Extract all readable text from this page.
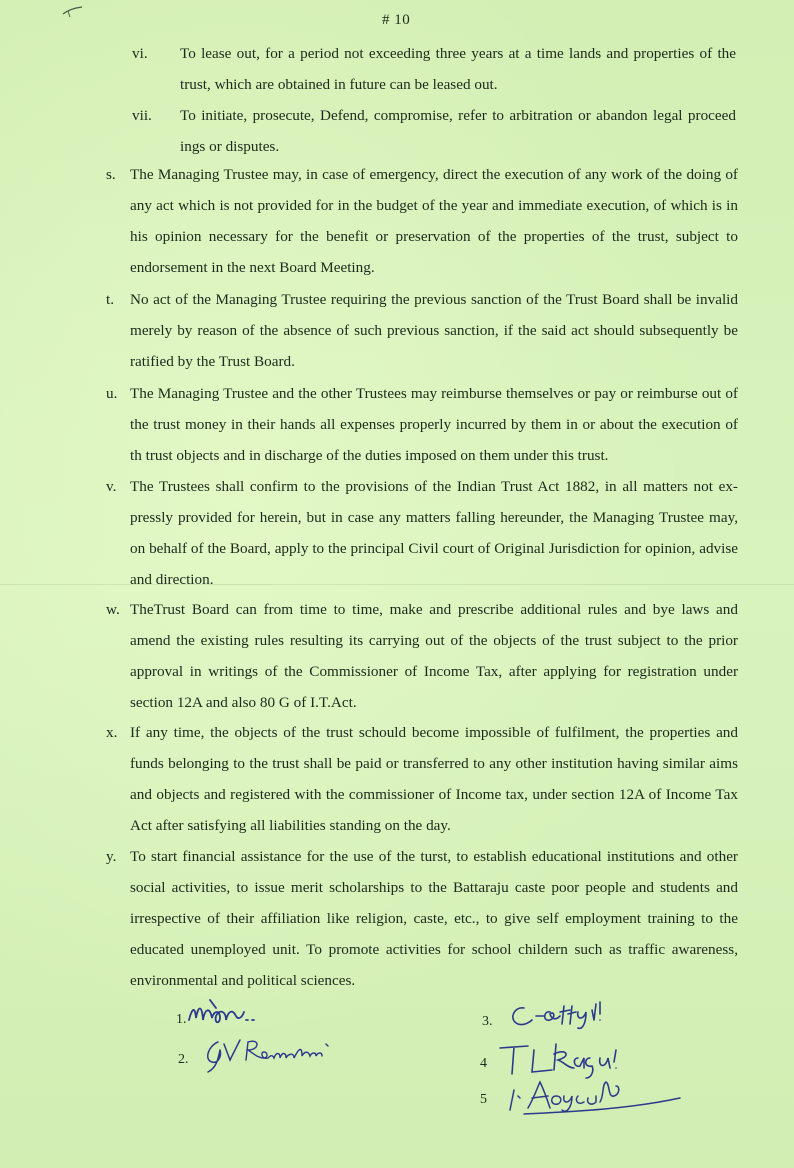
# 10
vi. To lease out, for a period not exceeding three years at a time lands and properties of the trust, which are obtained in future can be leased out.
vii. To initiate, prosecute, Defend, compromise, refer to arbitration or abandon legal proceed ings or disputes.
s. The Managing Trustee may, in case of emergency, direct the execution of any work of the doing of any act which is not provided for in the budget of the year and immediate execution, of which is in his opinion necessary for the benefit or preservation of the properties of the trust, subject to endorsement in the next Board Meeting.
t. No act of the Managing Trustee requiring the previous sanction of the Trust Board shall be invalid merely by reason of the absence of such previous sanction, if the said act should subsequently be ratified by the Trust Board.
u. The Managing Trustee and the other Trustees may reimburse themselves or pay or reimburse out of the trust money in their hands all expenses properly incurred by them in or about the execution of th trust objects and in discharge of the duties imposed on them under this trust.
v. The Trustees shall confirm to the provisions of the Indian Trust Act 1882, in all matters not ex-pressly provided for herein, but in case any matters falling hereunder, the Managing Trustee may, on behalf of the Board, apply to the principal Civil court of Original Jurisdiction for opinion, advise and direction.
w. TheTrust Board can from time to time, make and prescribe additional rules and bye laws and amend the existing rules resulting its carrying out of the objects of the trust subject to the prior approval in writings of the Commissioner of Income Tax, after applying for registration under section 12A and also 80 G of I.T.Act.
x. If any time, the objects of the trust schould become impossible of fulfilment, the properties and funds belonging to the trust shall be paid or transferred to any other institution having similar aims and objects and registered with the commissioner of Income tax, under section 12A of Income Tax Act after satisfying all liabilities standing on the day.
y. To start financial assistance for the use of the turst, to establish educational institutions and other social activities, to issue merit scholarships to the Battaraju caste poor people and students and irrespective of their affiliation like religion, caste, etc., to give self employment training to the educated unemployed unit. To promote activities for school childern such as traffic awareness, environmental and political sciences.
1.
2.
3.
4
5
